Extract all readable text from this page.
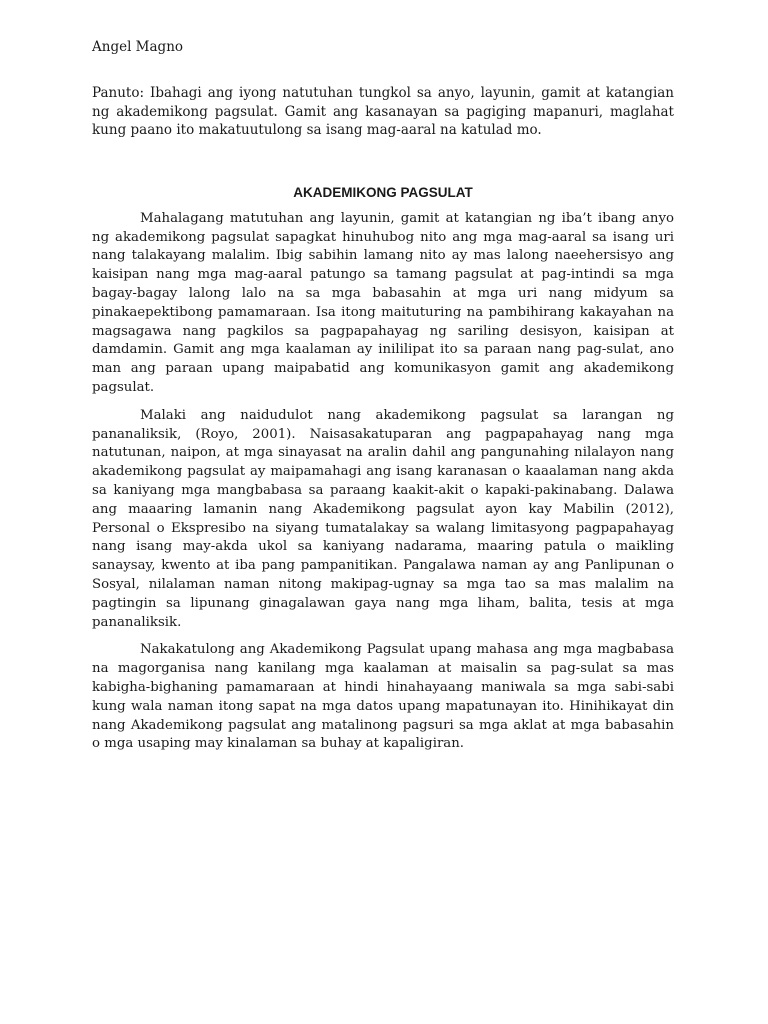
Angel Magno

Panuto: Ibahagi ang iyong natutuhan tungkol sa anyo, layunin, gamit at katangian ng akademikong pagsulat. Gamit ang kasanayan sa pagiging mapanuri, maglahat kung paano ito makatuutulong sa isang mag-aaral na katulad mo.

AKADEMIKONG PAGSULAT

Mahalagang matutuhan ang layunin, gamit at katangian ng iba’t ibang anyo ng akademikong pagsulat sapagkat hinuhubog nito ang mga mag-aaral sa isang uri nang talakayang malalim. Ibig sabihin lamang nito ay mas lalong naeehersisyo ang kaisipan nang mga mag-aaral patungo sa tamang pagsulat at pag-intindi sa mga bagay-bagay lalong lalo na sa mga babasahin at mga uri nang midyum sa pinakaepektibong pamamaraan. Isa itong maituturing na pambihirang kakayahan na magsagawa nang pagkilos sa pagpapahayag ng sariling desisyon, kaisipan at damdamin. Gamit ang mga kaalaman ay inililipat ito sa paraan nang pag-sulat, ano man ang paraan upang maipabatid ang komunikasyon gamit ang akademikong pagsulat.

Malaki ang naidudulot nang akademikong pagsulat sa larangan ng pananaliksik, (Royo, 2001). Naisasakatuparan ang pagpapahayag nang mga natutunan, naipon, at mga sinayasat na aralin dahil ang pangunahing nilalayon nang akademikong pagsulat ay maipamahagi ang isang karanasan o kaaalaman nang akda sa kaniyang mga mangbabasa sa paraang kaakit-akit o kapaki-pakinabang. Dalawa ang maaaring lamanin nang Akademikong pagsulat ayon kay Mabilin (2012), Personal o Ekspresibo na siyang tumatalakay sa walang limitasyong pagpapahayag nang isang may-akda ukol sa kaniyang nadarama, maaring patula o maikling sanaysay, kwento at iba pang pampanitikan. Pangalawa naman ay ang Panlipunan o Sosyal, nilalaman naman nitong makipag-ugnay sa mga tao sa mas malalim na pagtingin sa lipunang ginagalawan gaya nang mga liham, balita, tesis at mga pananaliksik.

Nakakatulong ang Akademikong Pagsulat upang mahasa ang mga magbabasa na magorganisa nang kanilang mga kaalaman at maisalin sa pag-sulat sa mas kabigha-bighaning pamamaraan at hindi hinahayaang maniwala sa mga sabi-sabi kung wala naman itong sapat na mga datos upang mapatunayan ito. Hinihikayat din nang Akademikong pagsulat ang matalinong pagsuri sa mga aklat at mga babasahin o mga usaping may kinalaman sa buhay at kapaligiran.
